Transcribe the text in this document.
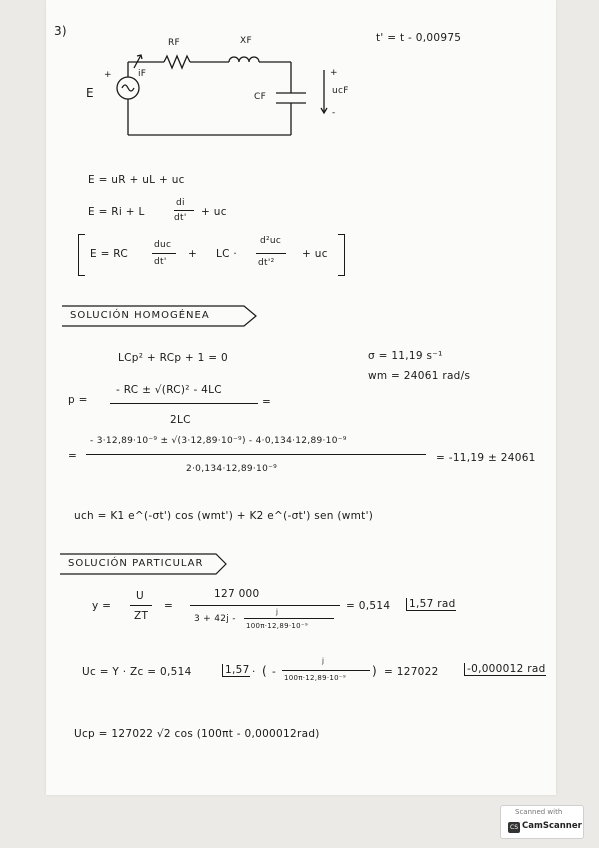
3)	t' = t - 0,00975
E
+	iF
RF	XF
CF
+
ucF
-
E = uR + uL + uc
E = Ri + L
di
dt' + uc
E = RC
duc
dt'
+ LC ·
d²uc
dt'²
+ uc
SOLUCIÓN HOMOGÉNEA
LCp² + RCp + 1 = 0	σ = 11,19 s⁻¹
wm = 24061 rad/s
p =
- RC ± √(RC)² - 4LC
2LC
=
=
- 3·12,89·10⁻⁹ ± √(3·12,89·10⁻⁹) - 4·0,134·12,89·10⁻⁹
2·0,134·12,89·10⁻⁹
= -11,19 ± 24061
uch = K1 e^(-σt') cos (wmt') + K2 e^(-σt') sen (wmt')
SOLUCIÓN PARTICULAR
y =
U
ZT
=
127 000
3 + 42j -
j
100π·12,89·10⁻⁹
= 0,514 1,57 rad
Uc = Y · Zc = 0,514	1,57 · ( -
j
100π·12,89·10⁻⁹ ) = 127022	-0,000012 rad
Ucp = 127022 √2 cos (100πt - 0,000012rad)
Scanned with
CS CamScanner
